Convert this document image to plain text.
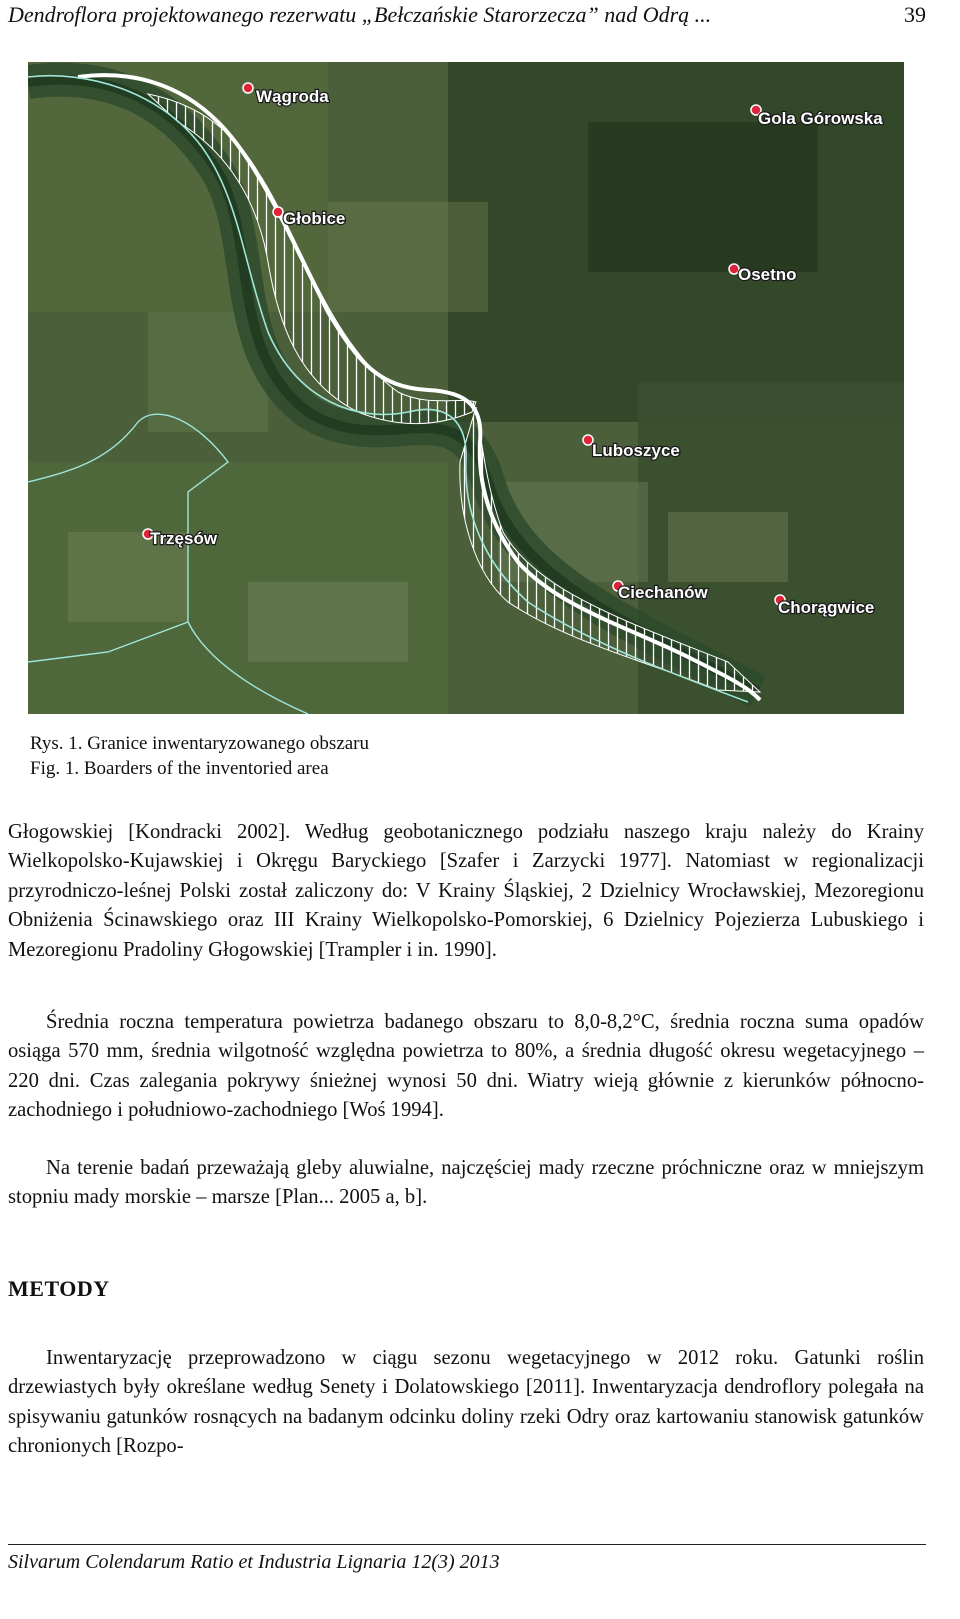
Dendroflora projektowanego rezerwatu „Bełczańskie Starorzecza” nad Odrą ...	39
Wągroda
Gola Górowska
Głobice
Osetno
Luboszyce
Trzęsów
Ciechanów
Chorągwice
Rys. 1. Granice inwentaryzowanego obszaru
Fig. 1. Boarders of the inventoried area

Głogowskiej [Kondracki 2002]. Według geobotanicznego podziału naszego kraju należy do Krainy Wielkopolsko-Kujawskiej i Okręgu Baryckiego [Szafer i Zarzycki 1977]. Natomiast w regionalizacji przyrodniczo-leśnej Polski został zaliczony do: V Krainy Śląskiej, 2 Dzielnicy Wrocławskiej, Mezoregionu Obniżenia Ścinawskiego oraz III Krainy Wielkopolsko-Pomorskiej, 6 Dzielnicy Pojezierza Lubuskiego i Mezoregionu Pradoliny Głogowskiej [Trampler i in. 1990].

Średnia roczna temperatura powietrza badanego obszaru to 8,0-8,2°C, średnia roczna suma opadów osiąga 570 mm, średnia wilgotność względna powietrza to 80%, a średnia długość okresu wegetacyjnego – 220 dni. Czas zalegania pokrywy śnieżnej wynosi 50 dni. Wiatry wieją głównie z kierunków północno-zachodniego i południowo-zachodniego [Woś 1994].

Na terenie badań przeważają gleby aluwialne, najczęściej mady rzeczne próchniczne oraz w mniejszym stopniu mady morskie – marsze [Plan... 2005 a, b].

METODY

Inwentaryzację przeprowadzono w ciągu sezonu wegetacyjnego w 2012 roku. Gatunki roślin drzewiastych były określane według Senety i Dolatowskiego [2011]. Inwentaryzacja dendroflory polegała na spisywaniu gatunków rosnących na badanym odcinku doliny rzeki Odry oraz kartowaniu stanowisk gatunków chronionych [Rozpo-

Silvarum Colendarum Ratio et Industria Lignaria 12(3) 2013
